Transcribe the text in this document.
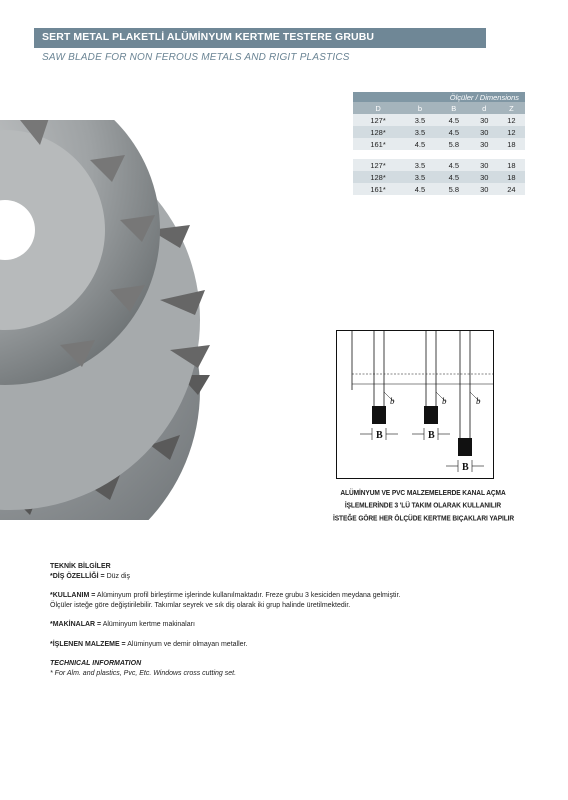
SERT METAL PLAKETLİ ALÜMİNYUM KERTME TESTERE GRUBU
SAW BLADE FOR NON FEROUS METALS AND RIGIT PLASTICS
Ölçüler / Dimensions				
D	b	B	d	Z
127*	3.5	4.5	30	12
128*	3.5	4.5	30	12
161*	4.5	5.8	30	18

127*	3.5	4.5	30	18
128*	3.5	4.5	30	18
161*	4.5	5.8	30	24
b	b	b
B	B
B
ALÜMİNYUM VE PVC MALZEMELERDE KANAL AÇMA
İŞLEMLERİNDE 3 'LÜ TAKIM OLARAK KULLANILIR
İSTEĞE GÖRE HER ÖLÇÜDE KERTME BIÇAKLARI YAPILIR
TEKNİK BİLGİLER
*DİŞ ÖZELLİĞİ = Düz diş
*KULLANIM = Alüminyum profil birleştirme işlerinde kullanılmaktadır. Freze grubu 3 kesiciden meydana gelmiştir.
Ölçüler isteğe göre değiştirilebilir. Takımlar seyrek ve sık diş olarak iki grup halinde üretilmektedir.
*MAKİNALAR = Alüminyum kertme makinaları
*İŞLENEN MALZEME = Alüminyum ve demir olmayan metaller.
TECHNICAL INFORMATION
* For Alm. and plastics, Pvc, Etc. Windows cross cutting set.
